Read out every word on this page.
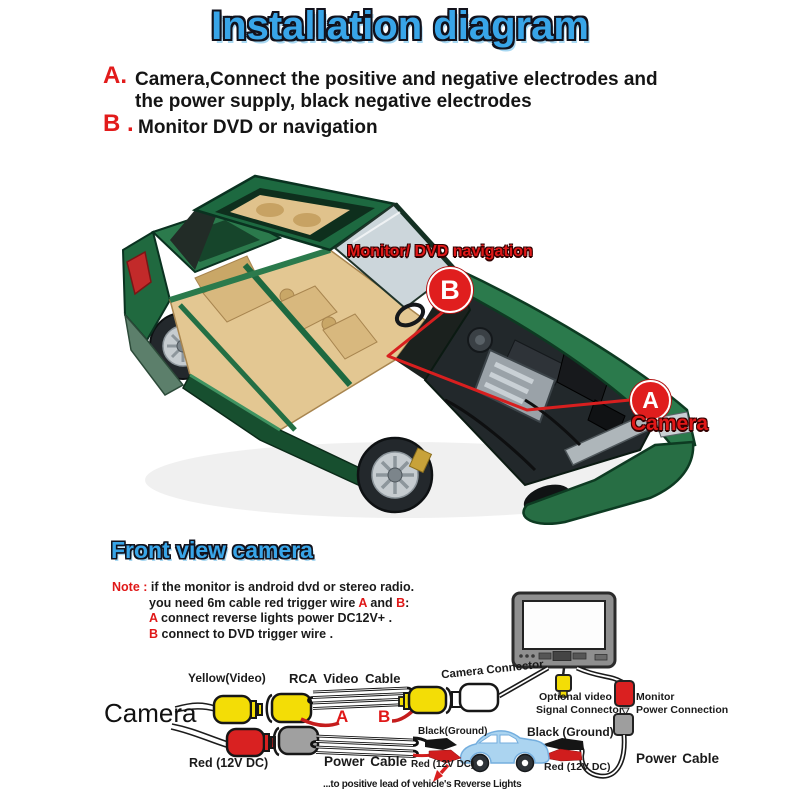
Installation diagram
A. Camera,Connect the positive and negative electrodes and
the power supply, black negative electrodes
B . Monitor DVD or navigation
Monitor/ DVD navigation
B
A
Camera
Front view camera
Note : if the monitor is android dvd or stereo radio.
you need 6m cable red trigger wire A and B:
A connect reverse lights power DC12V+ .
B connect to DVD trigger wire .
Camera
Yellow(Video)
Red (12V DC)
RCA Video Cable
A B
Camera Connector
Optional video
Signal Connector
Monitor
Power Connection
Black(Ground)	Black (Ground)
Red (12V DC)	Red (12V DC)
Power Cable	Power Cable
...to positive lead of vehicle's Reverse Lights
